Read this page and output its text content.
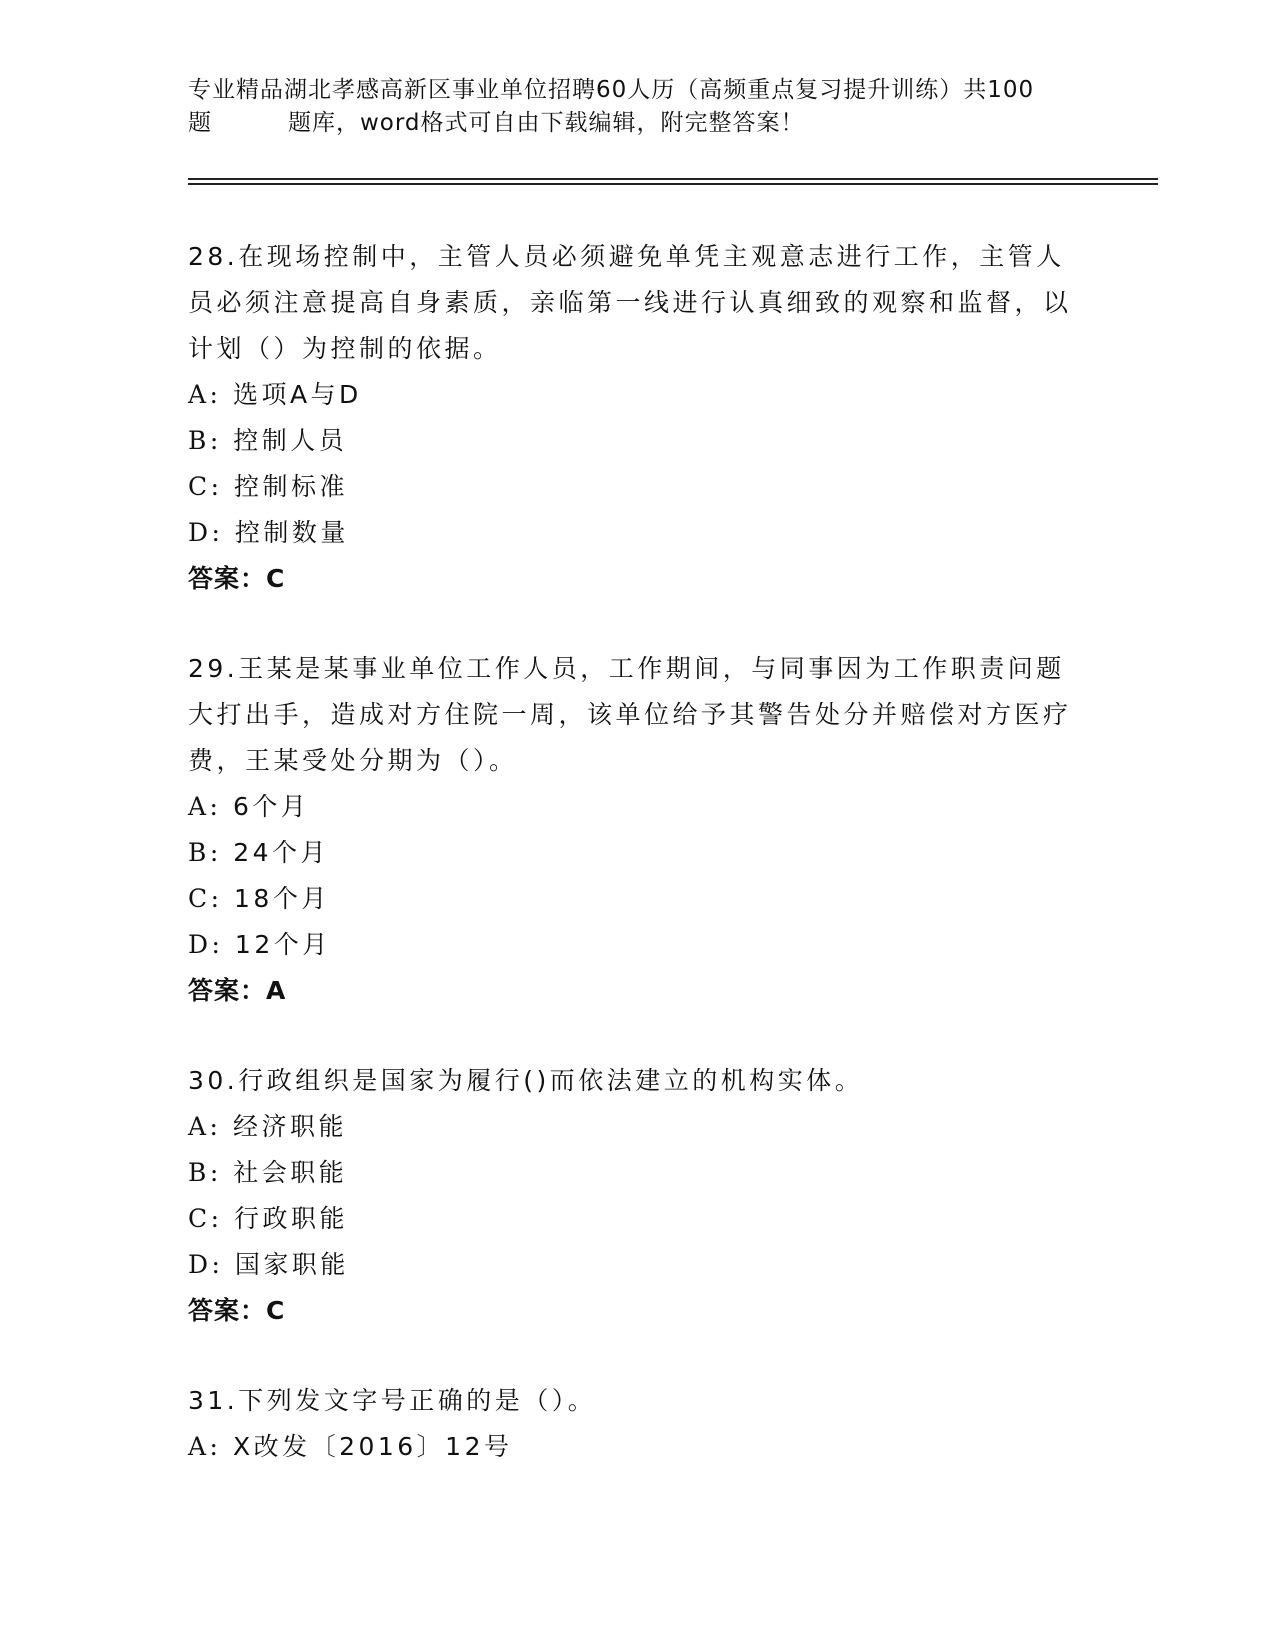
专业精品湖北孝感高新区事业单位招聘60人历（高频重点复习提升训练）共100
题	题库，word格式可自由下载编辑，附完整答案！

28.在现场控制中，主管人员必须避免单凭主观意志进行工作，主管人员必须注意提高自身素质，亲临第一线进行认真细致的观察和监督，以计划（）为控制的依据。

A: 选项A与D

B: 控制人员

C: 控制标准

D: 控制数量

答案：C

29.王某是某事业单位工作人员，工作期间，与同事因为工作职责问题大打出手，造成对方住院一周，该单位给予其警告处分并赔偿对方医疗费，王某受处分期为（）。

A: 6个月

B: 24个月

C: 18个月

D: 12个月

答案：A

30.行政组织是国家为履行()而依法建立的机构实体。

A: 经济职能

B: 社会职能

C: 行政职能

D: 国家职能

答案：C

31.下列发文字号正确的是（）。

A: X改发〔2016〕12号
